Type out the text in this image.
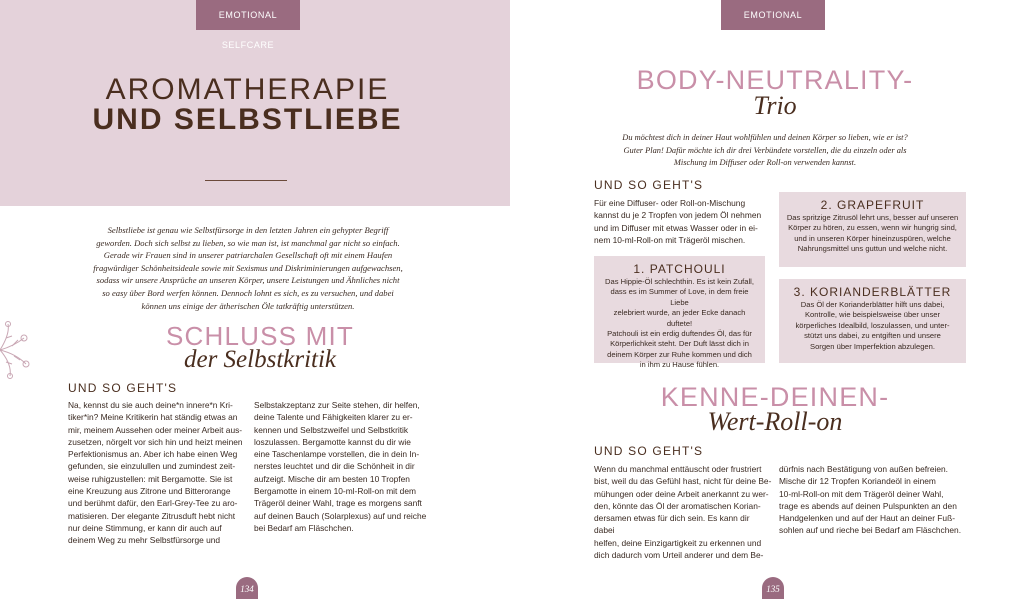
EMOTIONAL SELFCARE
AROMATHERAPIE
UND SELBSTLIEBE

Selbstliebe ist genau wie Selbstfürsorge in den letzten Jahren ein gehypter Begriff

geworden. Doch sich selbst zu lieben, so wie man ist, ist manchmal gar nicht so einfach.

Gerade wir Frauen sind in unserer patriarchalen Gesellschaft oft mit einem Haufen

fragwürdiger Schönheitsideale sowie mit Sexismus und Diskriminierungen aufgewachsen,

sodass wir unsere Ansprüche an unseren Körper, unsere Leistungen und Ähnliches nicht

so easy über Bord werfen können. Dennoch lohnt es sich, es zu versuchen, und dabei

können uns einige der ätherischen Öle tatkräftig unterstützen.

SCHLUSS MIT
der Selbstkritik
UND SO GEHT'S

Na, kennst du sie auch deine*n innere*n Kri-

tiker*in? Meine Kritikerin hat ständig etwas an

mir, meinem Aussehen oder meiner Arbeit aus-

zusetzen, nörgelt vor sich hin und heizt meinen

Perfektionismus an. Aber ich habe einen Weg

gefunden, sie einzulullen und zumindest zeit-

weise ruhigzustellen: mit Bergamotte. Sie ist

eine Kreuzung aus Zitrone und Bitterorange

und berühmt dafür, den Earl-Grey-Tee zu aro-

matisieren. Der elegante Zitrusduft hebt nicht

nur deine Stimmung, er kann dir auch auf

deinem Weg zu mehr Selbstfürsorge und

Selbstakzeptanz zur Seite stehen, dir helfen,

deine Talente und Fähigkeiten klarer zu er-

kennen und Selbstzweifel und Selbstkritik

loszulassen. Bergamotte kannst du dir wie

eine Taschenlampe vorstellen, die in dein In-

nerstes leuchtet und dir die Schönheit in dir

aufzeigt. Mische dir am besten 10 Tropfen

Bergamotte in einem 10-ml-Roll-on mit dem

Trägeröl deiner Wahl, trage es morgens sanft

auf deinen Bauch (Solarplexus) auf und reiche

bei Bedarf am Fläschchen.

134
EMOTIONAL SELFCARE
BODY-NEUTRALITY-
Trio
Du möchtest dich in deiner Haut wohlfühlen und deinen Körper so lieben, wie er ist?
Guter Plan! Dafür möchte ich dir drei Verbündete vorstellen, die du einzeln oder als
Mischung im Diffuser oder Roll-on verwenden kannst.
UND SO GEHT'S

Für eine Diffuser- oder Roll-on-Mischung

kannst du je 2 Tropfen von jedem Öl nehmen

und im Diffuser mit etwas Wasser oder in ei-

nem 10-ml-Roll-on mit Trägeröl mischen.

1. PATCHOULI
Das Hippie-Öl schlechthin. Es ist kein Zufall,
dass es im Summer of Love, in dem freie Liebe
zelebriert wurde, an jeder Ecke danach duftete!
Patchouli ist ein erdig duftendes Öl, das für
Körperlichkeit steht. Der Duft lässt dich in
deinem Körper zur Ruhe kommen und dich
in ihm zu Hause fühlen.
2. GRAPEFRUIT
Das spritzige Zitrusöl lehrt uns, besser auf unseren
Körper zu hören, zu essen, wenn wir hungrig sind,
und in unseren Körper hineinzuspüren, welche
Nahrungsmittel uns guttun und welche nicht.
3. KORIANDERBLÄTTER
Das Öl der Korianderblätter hilft uns dabei,
Kontrolle, wie beispielsweise über unser
körperliches Idealbild, loszulassen, und unter-
stützt uns dabei, zu entgiften und unsere
Sorgen über Imperfektion abzulegen.
KENNE-DEINEN-
Wert-Roll-on
UND SO GEHT'S

Wenn du manchmal enttäuscht oder frustriert

bist, weil du das Gefühl hast, nicht für deine Be-

mühungen oder deine Arbeit anerkannt zu wer-

den, könnte das Öl der aromatischen Korian-

dersamen etwas für dich sein. Es kann dir dabei

helfen, deine Einzigartigkeit zu erkennen und

dich dadurch vom Urteil anderer und dem Be-

dürfnis nach Bestätigung von außen befreien.

Mische dir 12 Tropfen Koriandeöl in einem

10-ml-Roll-on mit dem Trägeröl deiner Wahl,

trage es abends auf deinen Pulspunkten an den

Handgelenken und auf der Haut an deiner Fuß-

sohlen auf und rieche bei Bedarf am Fläschchen.

135
